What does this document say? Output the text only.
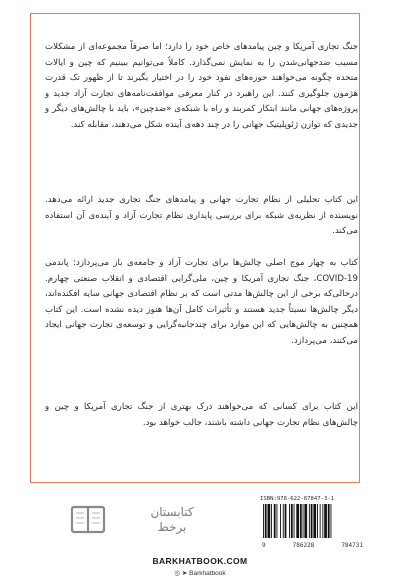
جنگ تجاری آمریکا و چین پیامدهای خاص خود را دارد؛ اما صرفاً مجموعه‌ای از مشکلات مسبب ضدجهانی‌شدن را به نمایش نمی‌گذارد. کاملاً می‌توانیم ببینیم که چین و ایالات متحده چگونه می‌خواهند حوزه‌های نفوذ خود را در اختیار بگیرند تا از ظهور تک قدرت هژمون جلوگیری کنند. این راهبرد در کنار معرفی موافقت‌نامه‌های تجارت آزاد جدید و پروژه‌های جهانی مانند ابتکار کمربند و راه با شبکه‌ی «ضدچین»، باید با چالش‌های دیگر و جدیدی که توازن ژئوپلیتیک جهانی را در چند دهه‌ی آینده شکل می‌دهند، مقابله کند.

این کتاب تحلیلی از نظام تجارت جهانی و پیامدهای جنگ تجاری جدید ارائه می‌دهد. نویسنده از نظریه‌ی شبکه برای بررسی پایداری نظام تجارت آزاد و آینده‌ی آن استفاده می‌کند.

کتاب به چهار موج اصلی چالش‌ها برای تجارت آزاد و جامعه‌ی باز می‌پردازد: پاندمی COVID-19، جنگ تجاری آمریکا و چین، ملی‌گرایی اقتصادی و انقلاب صنعتی چهارم. درحالی‌که برخی از این چالش‌ها مدتی است که بر نظام اقتصادی جهانی سایه افکنده‌اند، دیگر چالش‌ها نسبتاً جدید هستند و تأثیرات کامل آن‌ها هنوز دیده نشده است. این کتاب همچنین به چالش‌هایی که این موارد برای چندجانبه‌گرایی و توسعه‌ی تجارت جهانی ایجاد می‌کنند، می‌پردازد.

این کتاب برای کسانی که می‌خواهند درک بهتری از جنگ تجاری آمریکا و چین و چالش‌های نظام تجارت جهانی داشته باشند، جالب خواهد بود.

کتابستان
برخط
ISBN:978-622-87847-3-1
9	786228	784731
BARKHATBOOK.COM
◎ ➤ Barkhatbook
